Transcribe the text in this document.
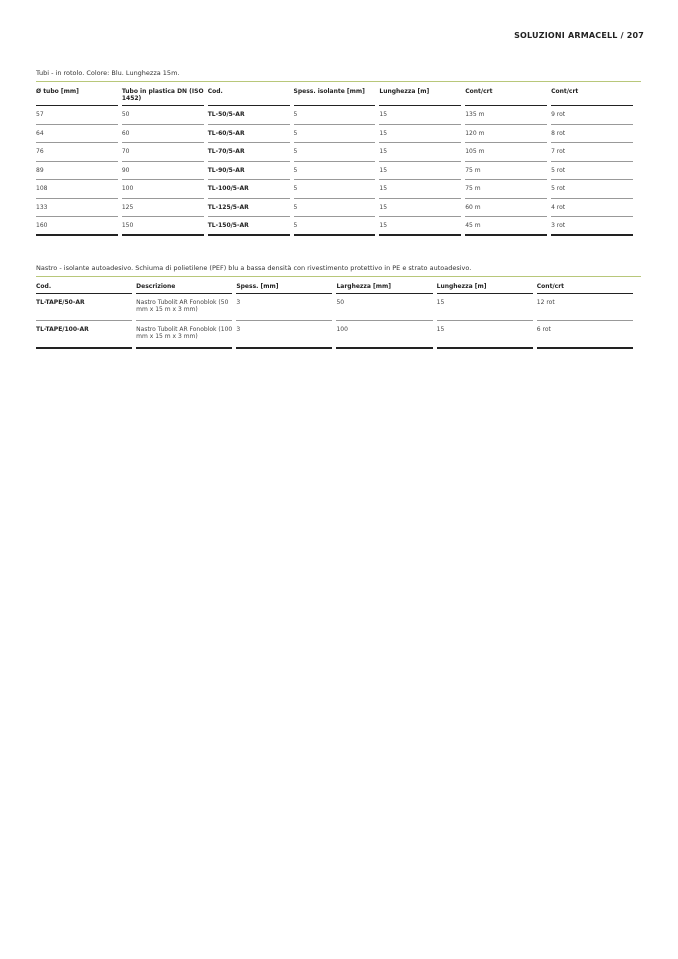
SOLUZIONI ARMACELL / 207
Tubi - in rotolo. Colore: Blu. Lunghezza 15m.
Ø tubo [mm]	Tubo in plastica DN (ISO 1452)	Cod.	Spess. isolante [mm]	Lunghezza [m]	Cont/crt	Cont/crt
57	50	TL-50/5-AR	5	15	135 m	9 rot
64	60	TL-60/5-AR	5	15	120 m	8 rot
76	70	TL-70/5-AR	5	15	105 m	7 rot
89	90	TL-90/5-AR	5	15	75 m	5 rot
108	100	TL-100/5-AR	5	15	75 m	5 rot
133	125	TL-125/5-AR	5	15	60 m	4 rot
160	150	TL-150/5-AR	5	15	45 m	3 rot
Nastro - isolante autoadesivo. Schiuma di polietilene (PEF) blu a bassa densità con rivestimento protettivo in PE e strato autoadesivo.
Cod.	Descrizione	Spess. [mm]	Larghezza [mm]	Lunghezza [m]	Cont/crt
TL-TAPE/50-AR	Nastro Tubolit AR Fonoblok (50 mm x 15 m x 3 mm)	3	50	15	12 rot
TL-TAPE/100-AR	Nastro Tubolit AR Fonoblok (100 mm x 15 m x 3 mm)	3	100	15	6 rot
